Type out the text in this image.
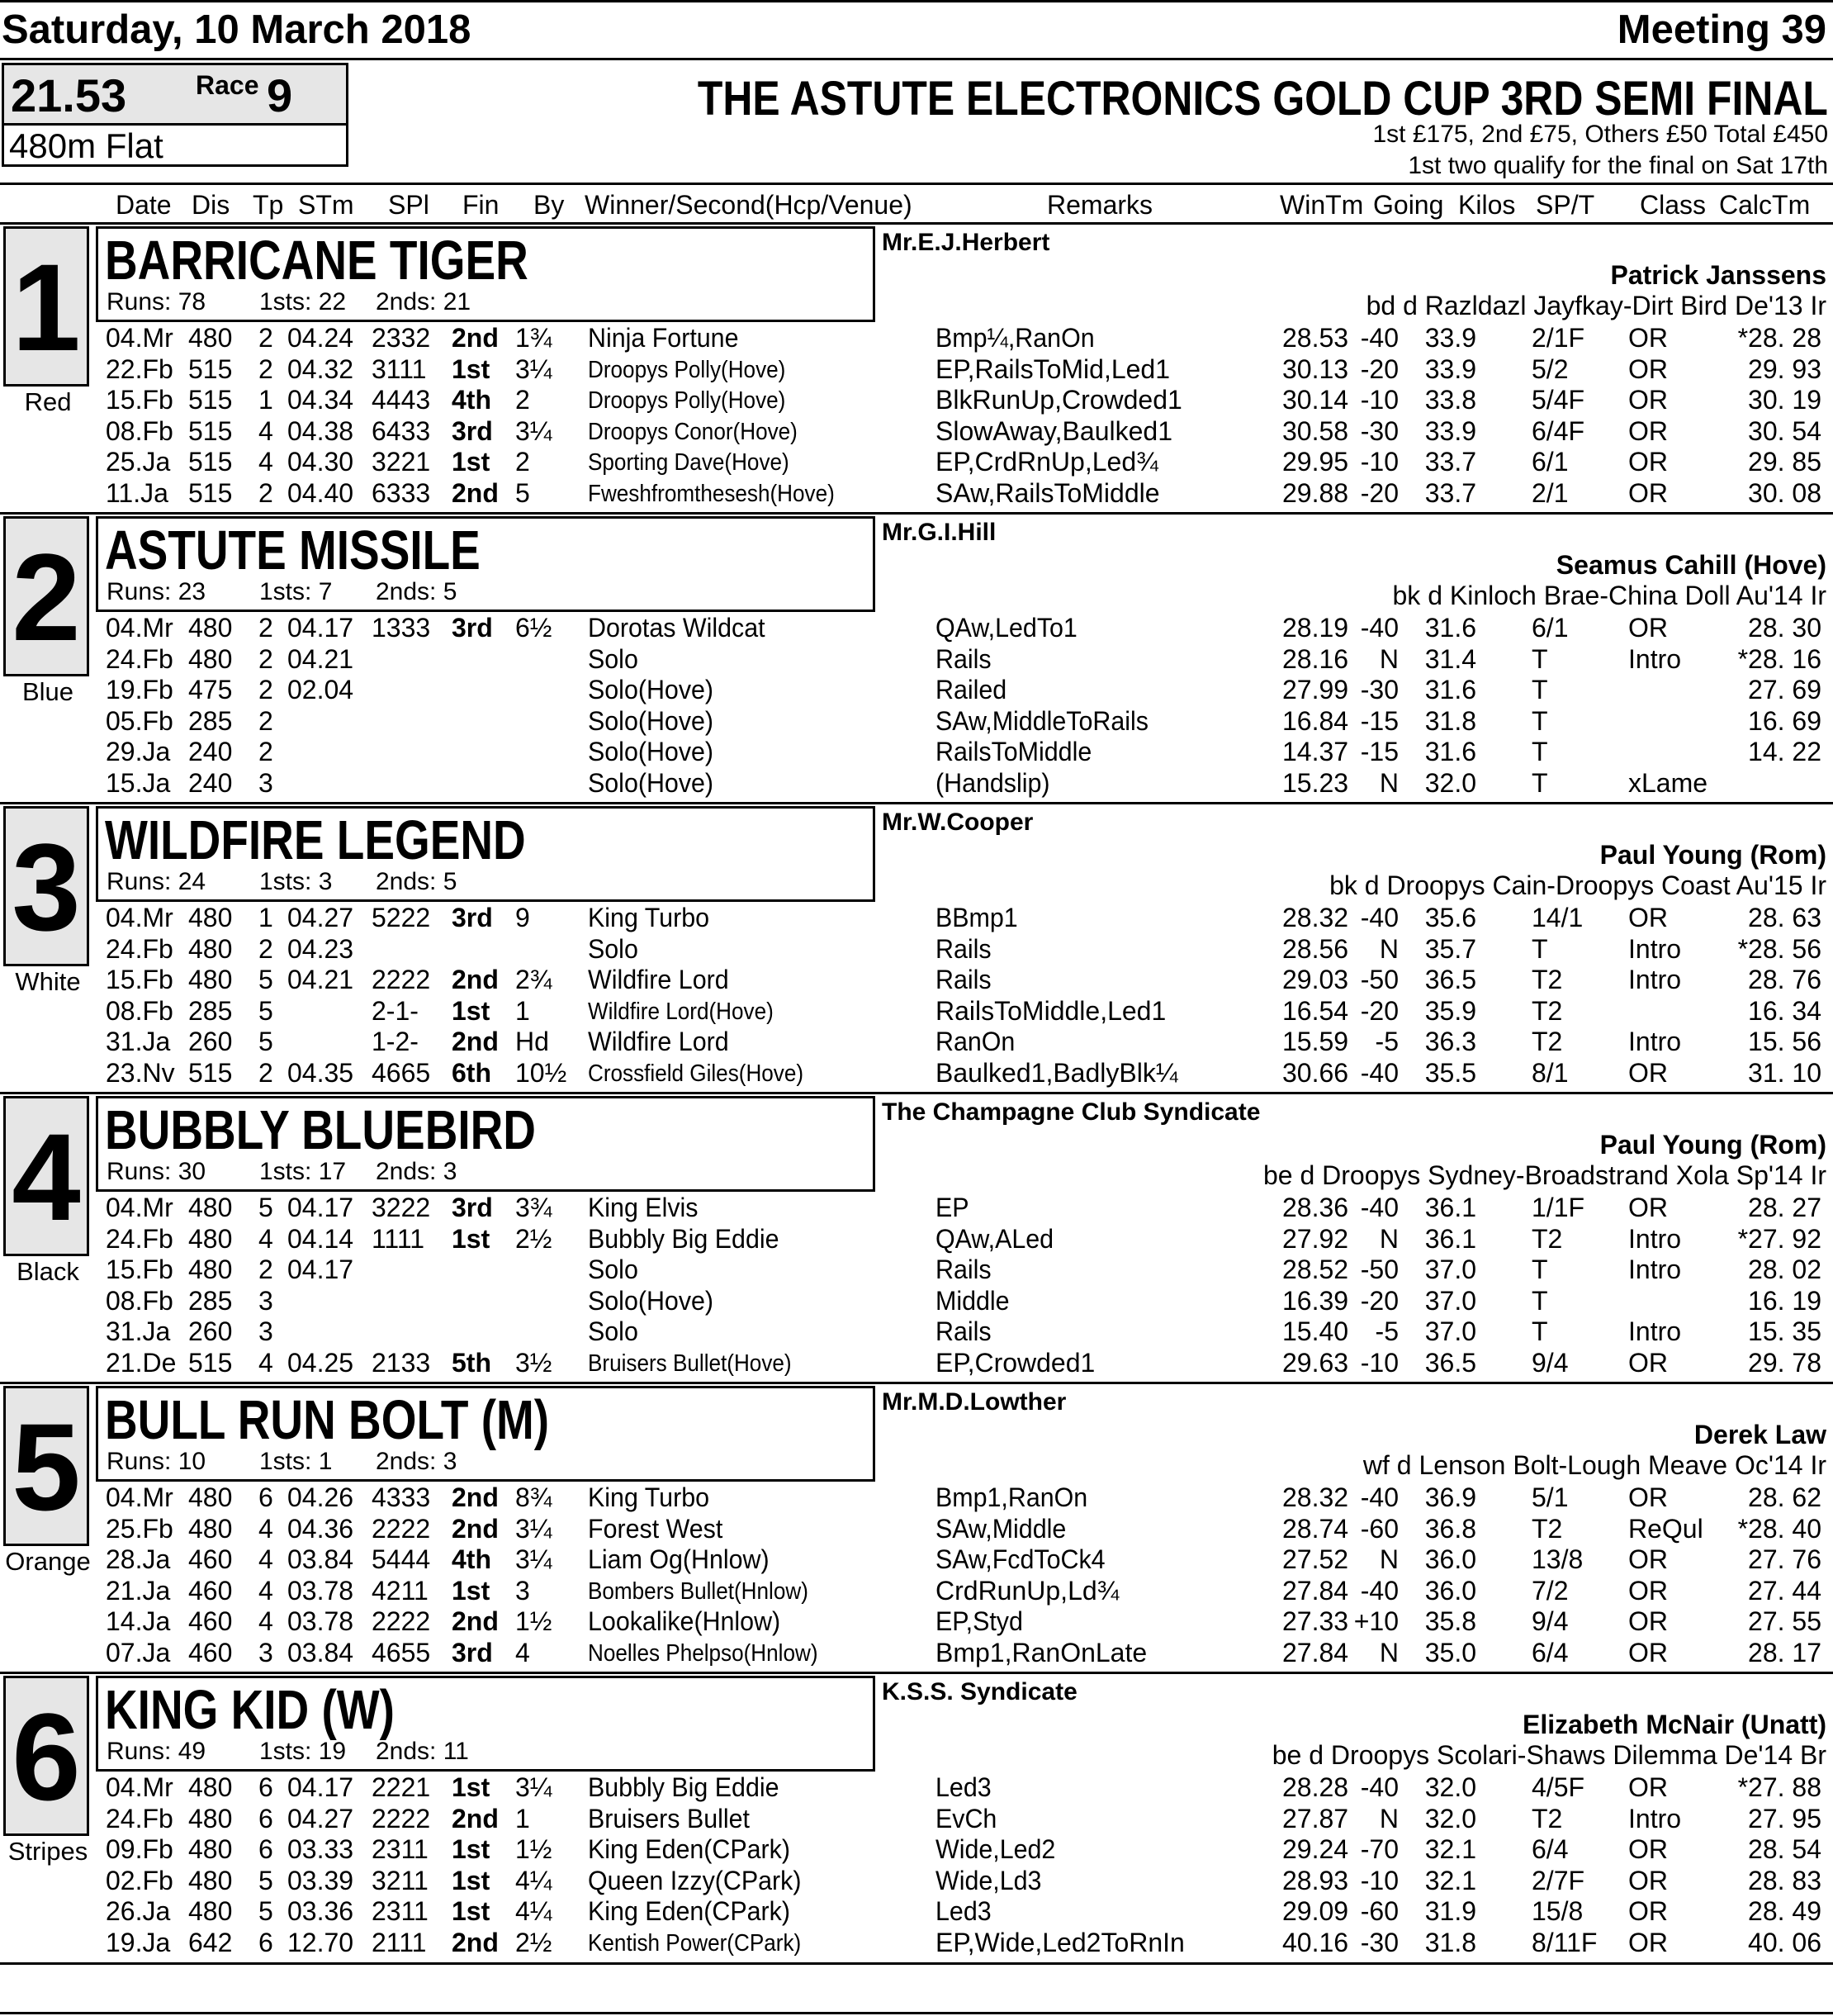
Saturday, 10 March 2018	Meeting 39
21.53	Race 9
480m Flat
THE ASTUTE ELECTRONICS GOLD CUP 3RD SEMI FINAL
1st £175, 2nd £75, Others £50 Total £450
1st two qualify for the final on Sat 17th
Date Dis Tp STm SPl Fin By Winner/Second(Hcp/Venue)	Remarks	WinTm Going Kilos SP/T Class CalcTm
1
Red
BARRICANE TIGER
Runs: 78 1sts: 22 2nds: 21
Mr.E.J.Herbert
Patrick Janssens
bd d Razldazl Jayfkay-Dirt Bird De'13 Ir
04.Mr 480 2 04.24 2332 2nd 1¾ Ninja Fortune	Bmp¼,RanOn	28.53 -40 33.9 2/1F OR	*28. 28
22.Fb 515 2 04.32 3111 1st 3¼ Droopys Polly(Hove)	EP,RailsToMid,Led1	30.13 -20 33.9 5/2 OR	29. 93
15.Fb 515 1 04.34 4443 4th 2 Droopys Polly(Hove)	BlkRunUp,Crowded1	30.14 -10 33.8 5/4F OR	30. 19
08.Fb 515 4 04.38 6433 3rd 3¼ Droopys Conor(Hove)	SlowAway,Baulked1	30.58 -30 33.9 6/4F OR	30. 54
25.Ja 515 4 04.30 3221 1st 2 Sporting Dave(Hove)	EP,CrdRnUp,Led¾	29.95 -10 33.7 6/1 OR	29. 85
11.Ja 515 2 04.40 6333 2nd 5 Fweshfromthesesh(Hove)	SAw,RailsToMiddle	29.88 -20 33.7 2/1 OR	30. 08
2
Blue
ASTUTE MISSILE
Runs: 23 1sts: 7 2nds: 5
Mr.G.I.Hill
Seamus Cahill (Hove)
bk d Kinloch Brae-China Doll Au'14 Ir
04.Mr 480 2 04.17 1333 3rd 6½ Dorotas Wildcat	QAw,LedTo1	28.19 -40 31.6 6/1 OR	28. 30
24.Fb 480 2 04.21	Solo	Rails	28.16 N 31.4 T	Intro *28. 16
19.Fb 475 2 02.04	Solo(Hove)	Railed	27.99 -30 31.6 T	27. 69
05.Fb 285 2	Solo(Hove)	SAw,MiddleToRails	16.84 -15 31.8 T	16. 69
29.Ja 240 2	Solo(Hove)	RailsToMiddle	14.37 -15 31.6 T	14. 22
15.Ja 240 3	Solo(Hove)	(Handslip)	15.23 N 32.0 T	xLame
3
White
WILDFIRE LEGEND
Runs: 24 1sts: 3 2nds: 5
Mr.W.Cooper
Paul Young (Rom)
bk d Droopys Cain-Droopys Coast Au'15 Ir
04.Mr 480 1 04.27 5222 3rd 9 King Turbo	BBmp1	28.32 -40 35.6 14/1 OR	28. 63
24.Fb 480 2 04.23	Solo	Rails	28.56 N 35.7 T	Intro *28. 56
15.Fb 480 5 04.21 2222 2nd 2¾ Wildfire Lord	Rails	29.03 -50 36.5 T2 Intro	28. 76
08.Fb 285 5	2-1- 1st 1 Wildfire Lord(Hove)	RailsToMiddle,Led1	16.54 -20 35.9 T2	16. 34
31.Ja 260 5	1-2- 2nd Hd Wildfire Lord	RanOn	15.59 -5 36.3 T2 Intro	15. 56
23.Nv 515 2 04.35 4665 6th 10½ Crossfield Giles(Hove)	Baulked1,BadlyBlk¼	30.66 -40 35.5 8/1 OR	31. 10
4
Black
BUBBLY BLUEBIRD
Runs: 30 1sts: 17 2nds: 3
The Champagne Club Syndicate
Paul Young (Rom)
be d Droopys Sydney-Broadstrand Xola Sp'14 Ir
04.Mr 480 5 04.17 3222 3rd 3¾ King Elvis	EP	28.36 -40 36.1 1/1F OR	28. 27
24.Fb 480 4 04.14 1111 1st 2½ Bubbly Big Eddie	QAw,ALed	27.92 N 36.1 T2 Intro *27. 92
15.Fb 480 2 04.17	Solo	Rails	28.52 -50 37.0 T	Intro	28. 02
08.Fb 285 3	Solo(Hove)	Middle	16.39 -20 37.0 T	16. 19
31.Ja 260 3	Solo	Rails	15.40 -5 37.0 T	Intro	15. 35
21.De 515 4 04.25 2133 5th 3½ Bruisers Bullet(Hove)	EP,Crowded1	29.63 -10 36.5 9/4 OR	29. 78
5
Orange
BULL RUN BOLT (M)
Runs: 10 1sts: 1 2nds: 3
Mr.M.D.Lowther
Derek Law
wf d Lenson Bolt-Lough Meave Oc'14 Ir
04.Mr 480 6 04.26 4333 2nd 8¾ King Turbo	Bmp1,RanOn	28.32 -40 36.9 5/1 OR	28. 62
25.Fb 480 4 04.36 2222 2nd 3¼ Forest West	SAw,Middle	28.74 -60 36.8 T2 ReQul *28. 40
28.Ja 460 4 03.84 5444 4th 3¼ Liam Og(Hnlow)	SAw,FcdToCk4	27.52 N 36.0 13/8 OR	27. 76
21.Ja 460 4 03.78 4211 1st 3 Bombers Bullet(Hnlow)	CrdRunUp,Ld¾	27.84 -40 36.0 7/2 OR	27. 44
14.Ja 460 4 03.78 2222 2nd 1½ Lookalike(Hnlow)	EP,Styd	27.33 +10 35.8 9/4 OR	27. 55
07.Ja 460 3 03.84 4655 3rd 4 Noelles Phelpso(Hnlow)	Bmp1,RanOnLate	27.84 N 35.0 6/4 OR	28. 17
6
Stripes
KING KID (W)
Runs: 49 1sts: 19 2nds: 11
K.S.S. Syndicate
Elizabeth McNair (Unatt)
be d Droopys Scolari-Shaws Dilemma De'14 Br
04.Mr 480 6 04.17 2221 1st 3¼ Bubbly Big Eddie	Led3	28.28 -40 32.0 4/5F OR	*27. 88
24.Fb 480 6 04.27 2222 2nd 1 Bruisers Bullet	EvCh	27.87 N 32.0 T2 Intro	27. 95
09.Fb 480 6 03.33 2311 1st 1½ King Eden(CPark)	Wide,Led2	29.24 -70 32.1 6/4 OR	28. 54
02.Fb 480 5 03.39 3211 1st 4¼ Queen Izzy(CPark)	Wide,Ld3	28.93 -10 32.1 2/7F OR	28. 83
26.Ja 480 5 03.36 2311 1st 4¼ King Eden(CPark)	Led3	29.09 -60 31.9 15/8 OR	28. 49
19.Ja 642 6 12.70 2111 2nd 2½ Kentish Power(CPark)	EP,Wide,Led2ToRnIn	40.16 -30 31.8 8/11F OR	40. 06
